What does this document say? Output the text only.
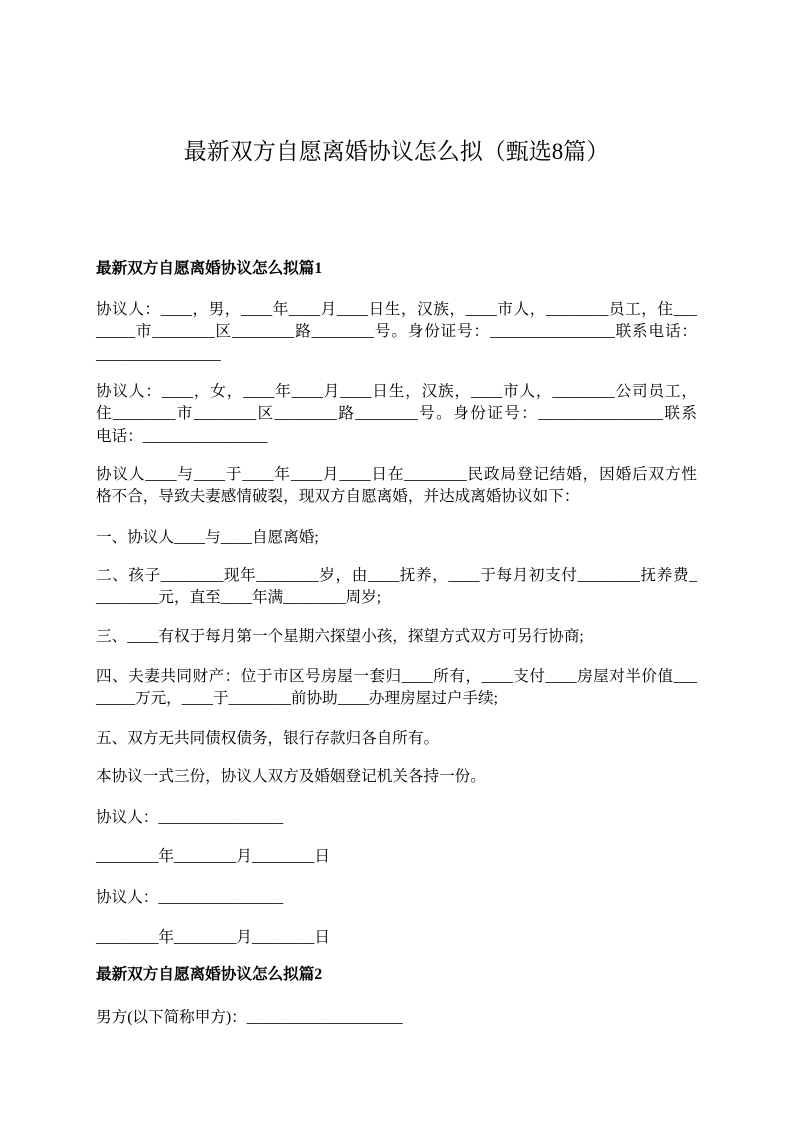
最新双方自愿离婚协议怎么拟（甄选8篇）
最新双方自愿离婚协议怎么拟篇1
协议人：____，男，____年____月____日生，汉族，____市人，________员工，住___
_____市________区________路________号。身份证号：________________联系电话：
________________
协议人：____，女，____年____月____日生，汉族，____市人，________公司员工，
住________市________区________路________号。身份证号：________________联系
电话：________________
协议人____与____于____年____月____日在________民政局登记结婚，因婚后双方性
格不合，导致夫妻感情破裂，现双方自愿离婚，并达成离婚协议如下：
一、协议人____与____自愿离婚;
二、孩子________现年________岁，由____抚养，____于每月初支付________抚养费_
________元，直至____年满________周岁;
三、____有权于每月第一个星期六探望小孩，探望方式双方可另行协商;
四、夫妻共同财产：位于市区号房屋一套归____所有，____支付____房屋对半价值___
_____万元，____于________前协助____办理房屋过户手续;
五、双方无共同债权债务，银行存款归各自所有。
本协议一式三份，协议人双方及婚姻登记机关各持一份。
协议人：________________
________年________月________日
协议人：________________
________年________月________日
最新双方自愿离婚协议怎么拟篇2
男方(以下简称甲方)：____________________
